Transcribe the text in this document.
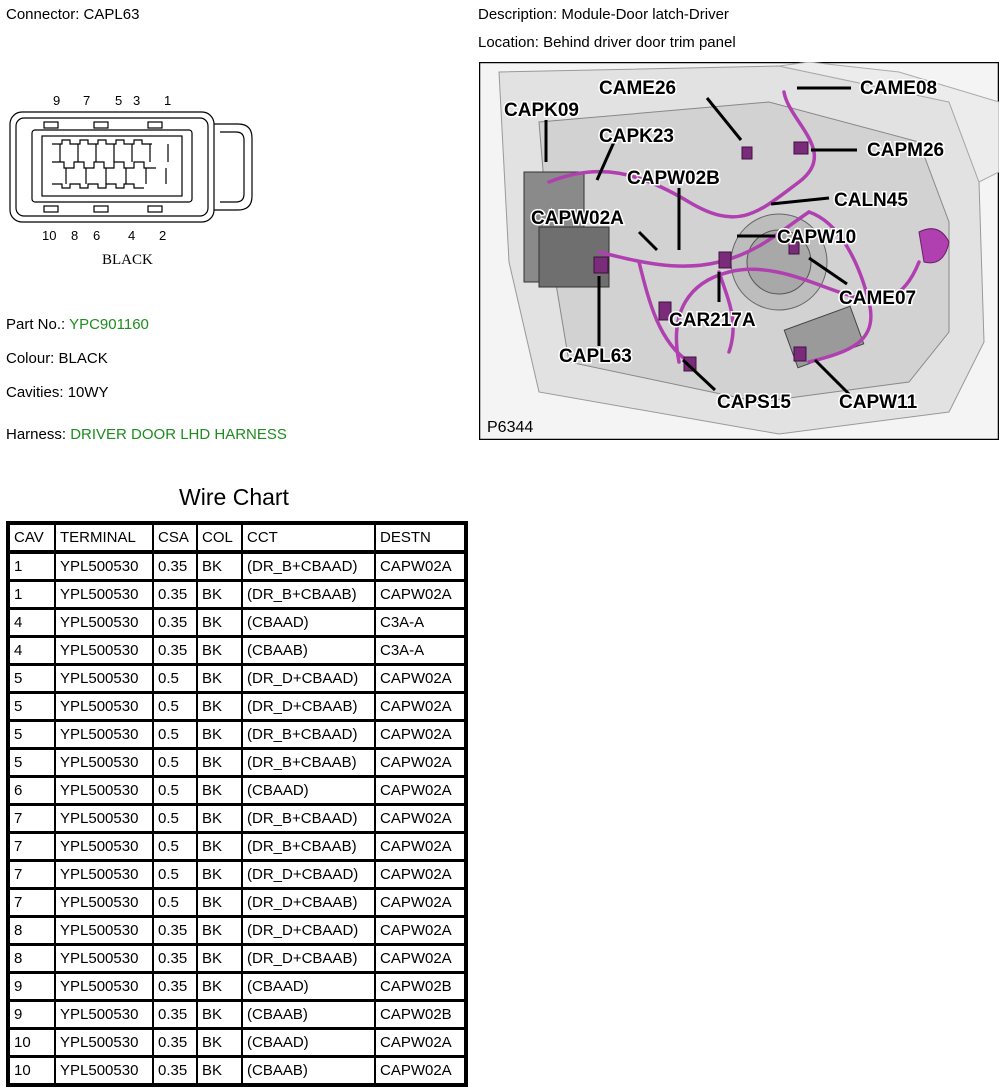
Connector: CAPL63	Description: Module-Door latch-Driver
Location: Behind driver door trim panel
9 7 5 3 1
10 8 6 4 2
BLACK
Part No.: YPC901160
Colour: BLACK
Cavities: 10WY
Harness: DRIVER DOOR LHD HARNESS
CAME26	CAME08
CAPK09
CAPK23
CAPM26
CAPW02B
CALN45
CAPW02A
CAPW10
CAME07
CAR217A
CAPL63
CAPS15	CAPW11
P6344
Wire Chart
CAV	TERMINAL	CSA	COL	CCT	DESTN
1	YPL500530	0.35	BK	(DR_B+CBAAD)	CAPW02A
1	YPL500530	0.35	BK	(DR_B+CBAAB)	CAPW02A
4	YPL500530	0.35	BK	(CBAAD)	C3A-A
4	YPL500530	0.35	BK	(CBAAB)	C3A-A
5	YPL500530	0.5	BK	(DR_D+CBAAD)	CAPW02A
5	YPL500530	0.5	BK	(DR_D+CBAAB)	CAPW02A
5	YPL500530	0.5	BK	(DR_B+CBAAD)	CAPW02A
5	YPL500530	0.5	BK	(DR_B+CBAAB)	CAPW02A
6	YPL500530	0.5	BK	(CBAAD)	CAPW02A
7	YPL500530	0.5	BK	(DR_B+CBAAD)	CAPW02A
7	YPL500530	0.5	BK	(DR_B+CBAAB)	CAPW02A
7	YPL500530	0.5	BK	(DR_D+CBAAD)	CAPW02A
7	YPL500530	0.5	BK	(DR_D+CBAAB)	CAPW02A
8	YPL500530	0.35	BK	(DR_D+CBAAD)	CAPW02A
8	YPL500530	0.35	BK	(DR_D+CBAAB)	CAPW02A
9	YPL500530	0.35	BK	(CBAAD)	CAPW02B
9	YPL500530	0.35	BK	(CBAAB)	CAPW02B
10	YPL500530	0.35	BK	(CBAAD)	CAPW02A
10	YPL500530	0.35	BK	(CBAAB)	CAPW02A
